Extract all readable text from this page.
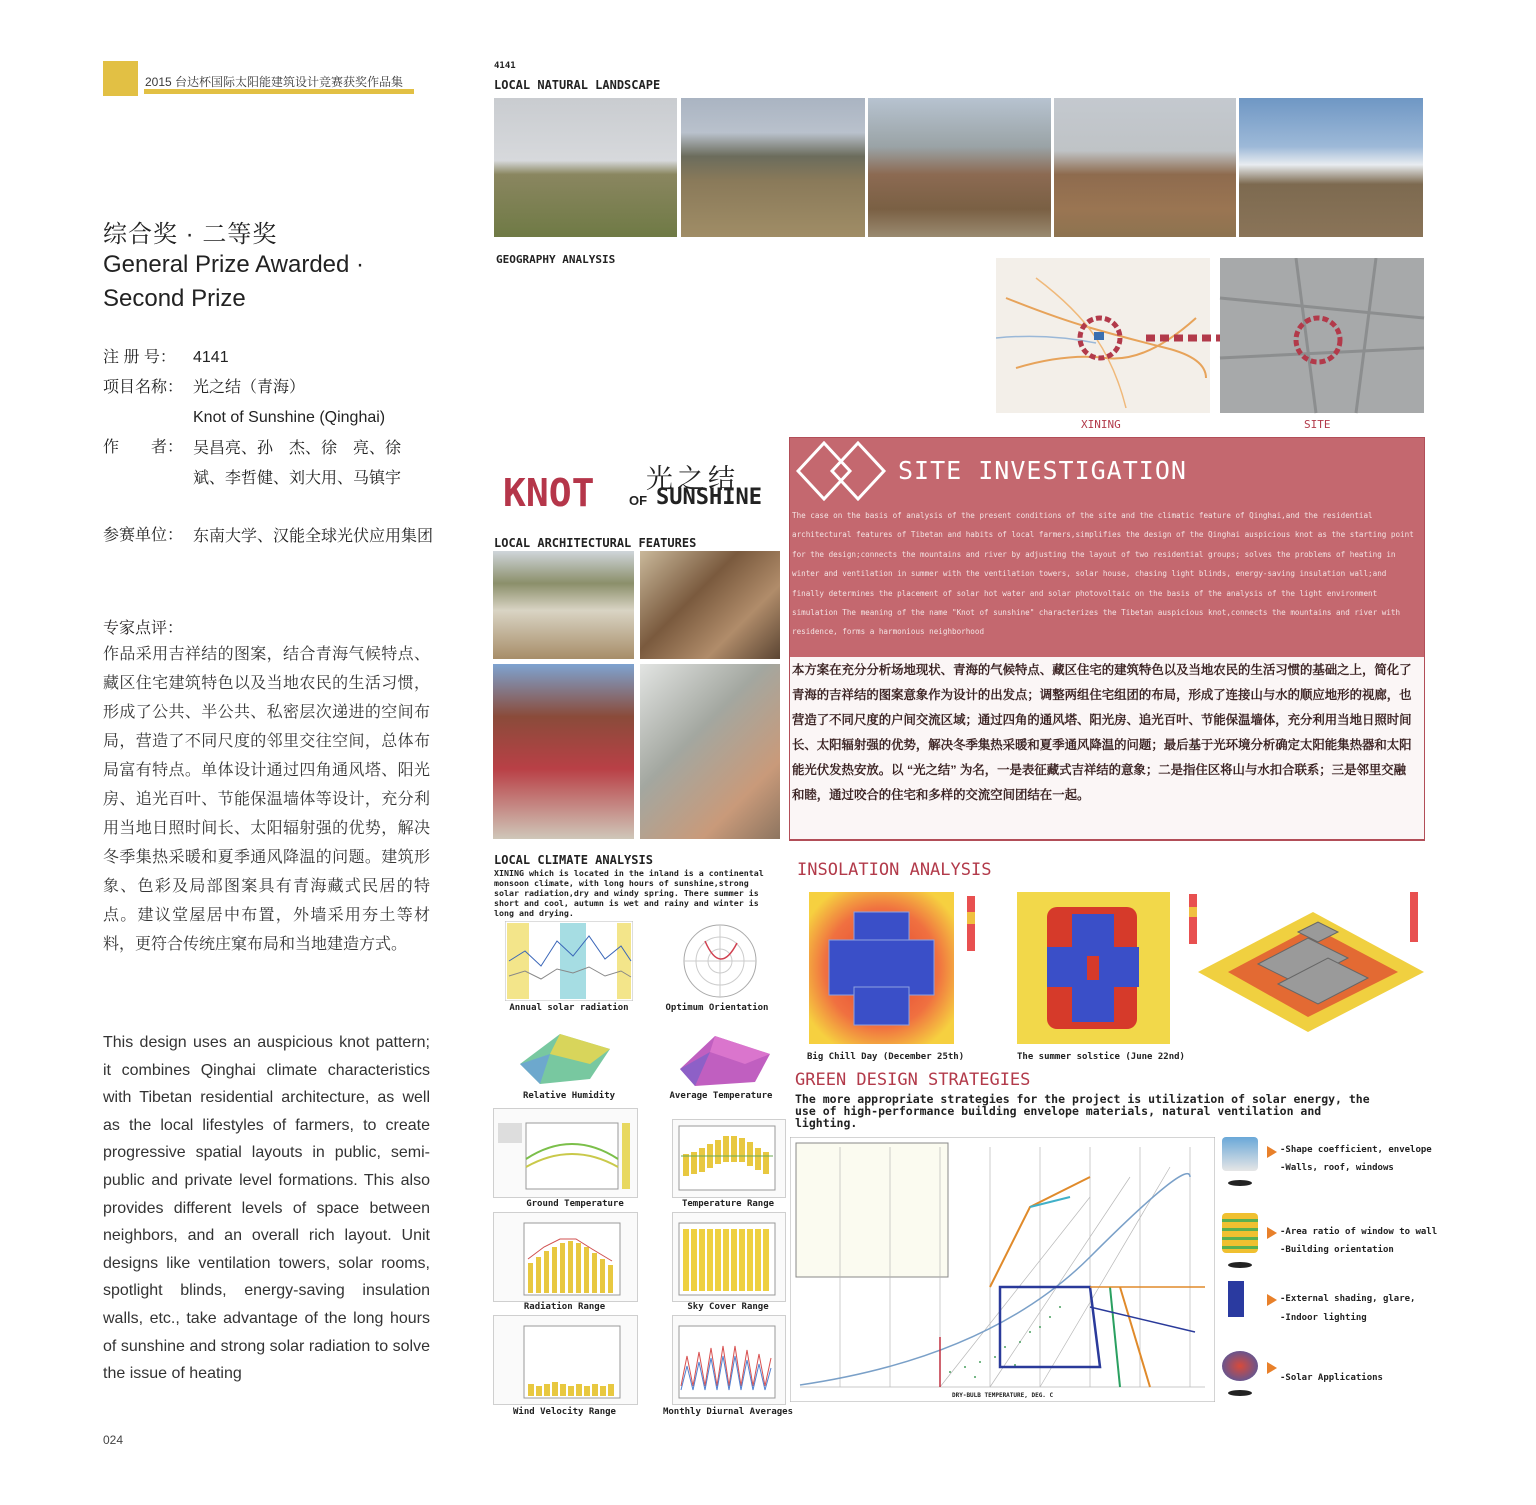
2015 台达杯国际太阳能建筑设计竞赛获奖作品集
综合奖 · 二等奖
General Prize Awarded · Second Prize
注 册 号： 4141
项目名称： 光之结（青海）
Knot of Sunshine (Qinghai)
作　　者： 吴昌亮、孙　杰、徐　亮、徐　斌、李哲健、刘大用、马镇宇
参赛单位： 东南大学、汉能全球光伏应用集团
专家点评：
作品采用吉祥结的图案，结合青海气候特点、藏区住宅建筑特色以及当地农民的生活习惯，形成了公共、半公共、私密层次递进的空间布局，营造了不同尺度的邻里交往空间，总体布局富有特点。单体设计通过四角通风塔、阳光房、追光百叶、节能保温墙体等设计，充分利用当地日照时间长、太阳辐射强的优势，解决冬季集热采暖和夏季通风降温的问题。建筑形象、色彩及局部图案具有青海藏式民居的特点。建议堂屋居中布置，外墙采用夯土等材料，更符合传统庄窠布局和当地建造方式。
This design uses an auspicious knot pattern; it combines Qinghai climate characteristics with Tibetan residential architecture, as well as the local lifestyles of farmers, to create progressive spatial layouts in public, semi-public and private level formations. This also provides different levels of space between neighbors, and an overall rich layout. Unit designs like ventilation towers, solar rooms, spotlight blinds, energy-saving insulation walls, etc., take advantage of the long hours of sunshine and strong solar radiation to solve the issue of heating
024
4141
LOCAL NATURAL LANDSCAPE
GEOGRAPHY ANALYSIS
XINING	SITE
KNOT 光之结
OF SUNSHINE
LOCAL ARCHITECTURAL FEATURES
SITE INVESTIGATION
The case on the basis of analysis of the present conditions of the site and the climatic feature of Qinghai,and the residential architectural features of Tibetan and habits of local farmers,simplifies the design of the Qinghai auspicious knot as the starting point for the design;connects the mountains and river by adjusting the layout of two residential groups; solves the problems of heating in winter and ventilation in summer with the ventilation towers, solar house, chasing light blinds, energy-saving insulation wall;and finally determines the placement of solar hot water and solar photovoltaic on the basis of the analysis of the light environment simulation The meaning of the name "Knot of sunshine" characterizes the Tibetan auspicious knot,connects the mountains and river with residence, forms a harmonious neighborhood
本方案在充分分析场地现状、青海的气候特点、藏区住宅的建筑特色以及当地农民的生活习惯的基础之上，简化了青海的吉祥结的图案意象作为设计的出发点；调整两组住宅组团的布局，形成了连接山与水的顺应地形的视廊，也营造了不同尺度的户间交流区域；通过四角的通风塔、阳光房、追光百叶、节能保温墙体，充分利用当地日照时间长、太阳辐射强的优势，解决冬季集热采暖和夏季通风降温的问题；最后基于光环境分析确定太阳能集热器和太阳能光伏发热安放。以 “光之结” 为名，一是表征藏式吉祥结的意象；二是指住区将山与水扣合联系；三是邻里交融和睦，通过咬合的住宅和多样的交流空间团结在一起。
LOCAL CLIMATE ANALYSIS
XINING which is located in the inland is a continental monsoon climate, with long hours of sunshine,strong solar radiation,dry and windy spring. There summer is short and cool, autumn is wet and rainy and winter is long and drying.
Annual solar radiation	Optimum Orientation
Relative Humidity	Average Temperature
Ground Temperature	Temperature Range
Radiation Range	Sky Cover Range
Wind Velocity Range	Monthly Diurnal Averages
INSOLATION ANALYSIS
Big Chill Day (December 25th)	The summer solstice (June 22nd)
GREEN DESIGN STRATEGIES
The more appropriate strategies for the project is utilization of solar energy, the use of high-performance building envelope materials, natural ventilation and lighting.
DRY-BULB TEMPERATURE, DEG. C
-Shape coefficient, envelope
-Walls, roof, windows
-Area ratio of window to wall
-Building orientation
-External shading, glare,
-Indoor lighting
-Solar Applications
